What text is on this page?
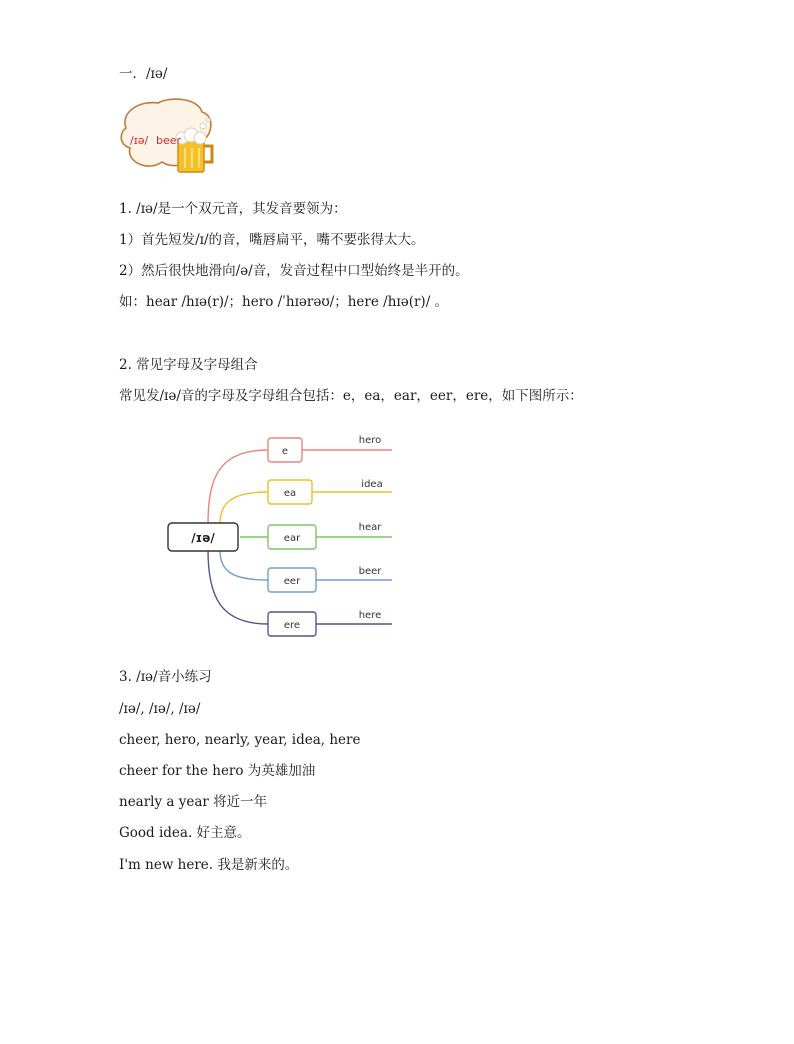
一．/ɪə/
/ɪə/ beer
1. /ɪə/是一个双元音，其发音要领为：
1）首先短发/ɪ/的音，嘴唇扁平，嘴不要张得太大。
2）然后很快地滑向/ə/音，发音过程中口型始终是半开的。
如：hear /hɪə(r)/；hero /ˈhɪərəʊ/；here /hɪə(r)/ 。
2. 常见字母及字母组合
常见发/ɪə/音的字母及字母组合包括：e，ea，ear，eer，ere，如下图所示：
/ɪə/
e
hero
ea
idea
ear
hear
eer
beer
ere
here
3. /ɪə/音小练习
/ɪə/, /ɪə/, /ɪə/
cheer, hero, nearly, year, idea, here
cheer for the hero 为英雄加油
nearly a year 将近一年
Good idea. 好主意。
I'm new here. 我是新来的。
